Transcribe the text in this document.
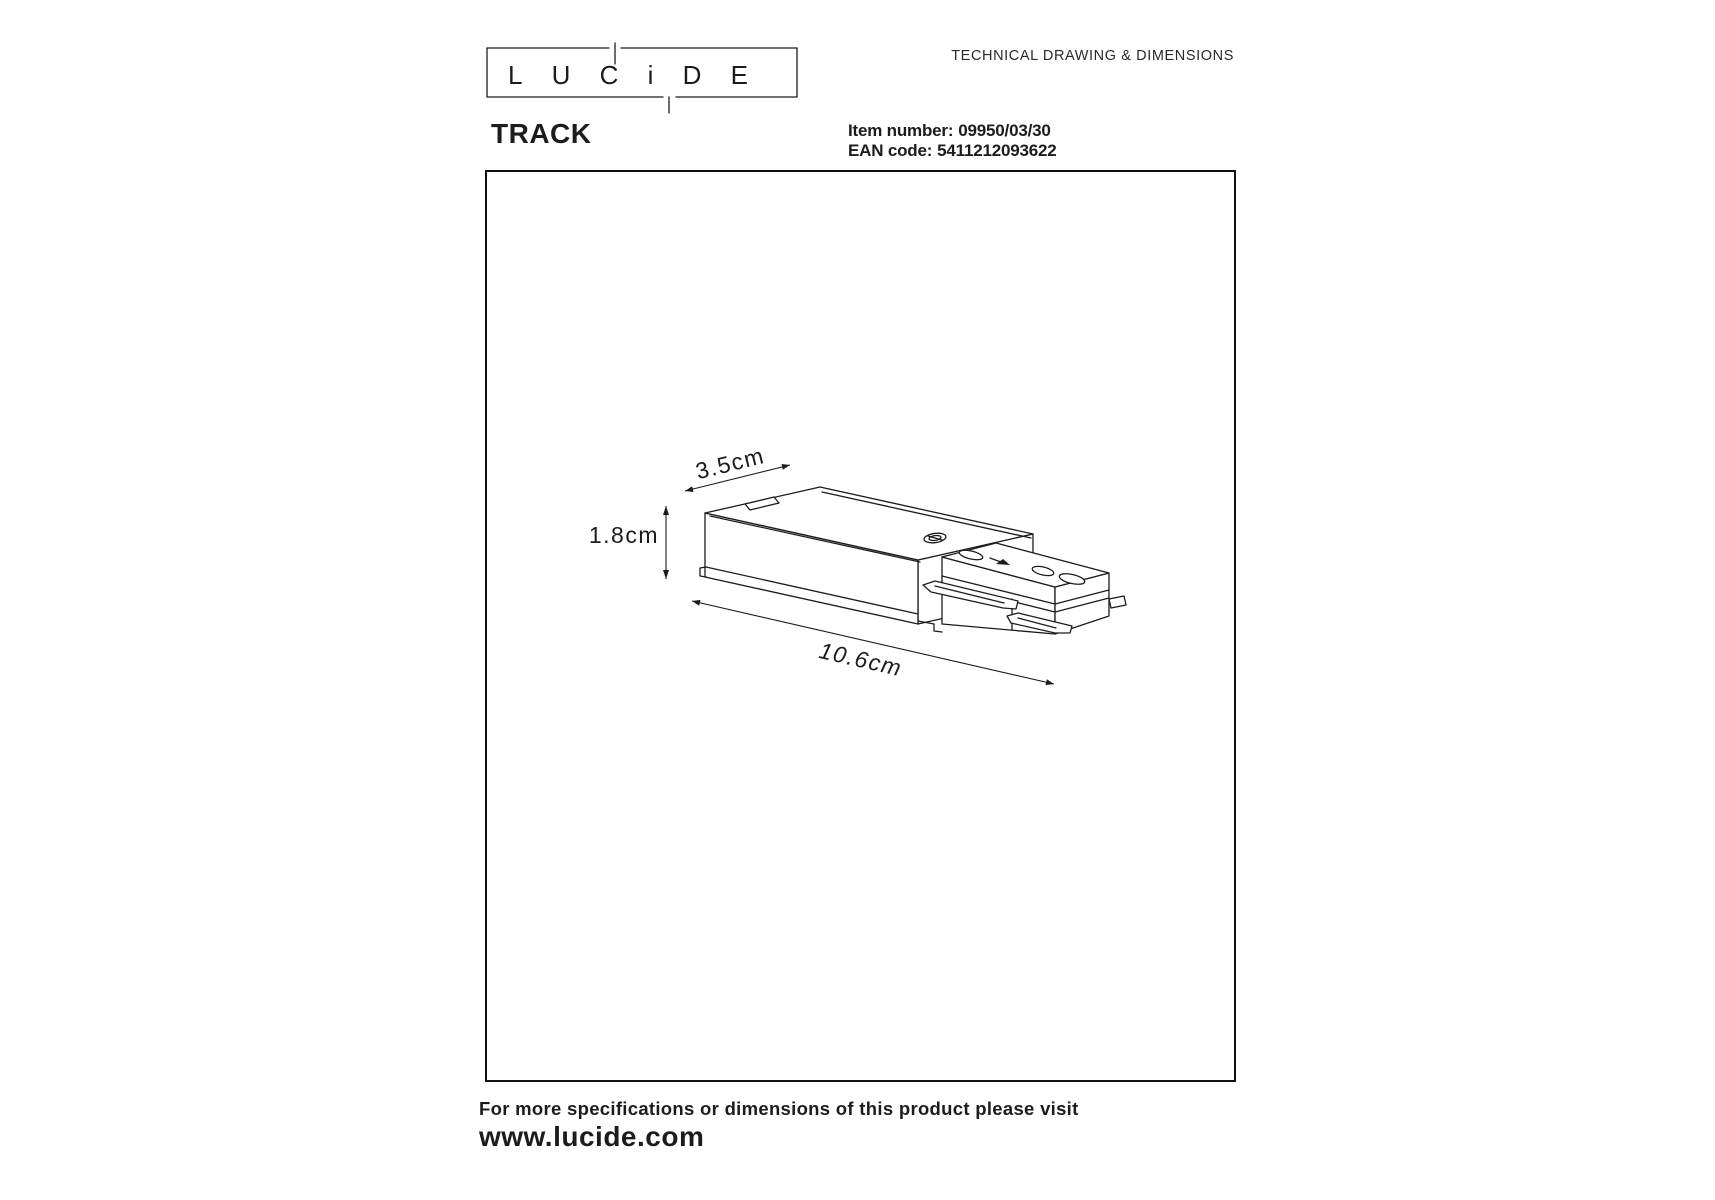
LUCiDE
TECHNICAL DRAWING & DIMENSIONS
TRACK	Item number: 09950/03/30
EAN code: 5411212093622
3.5cm
1.8cm
10.6cm
For more specifications or dimensions of this product please visit
www.lucide.com
